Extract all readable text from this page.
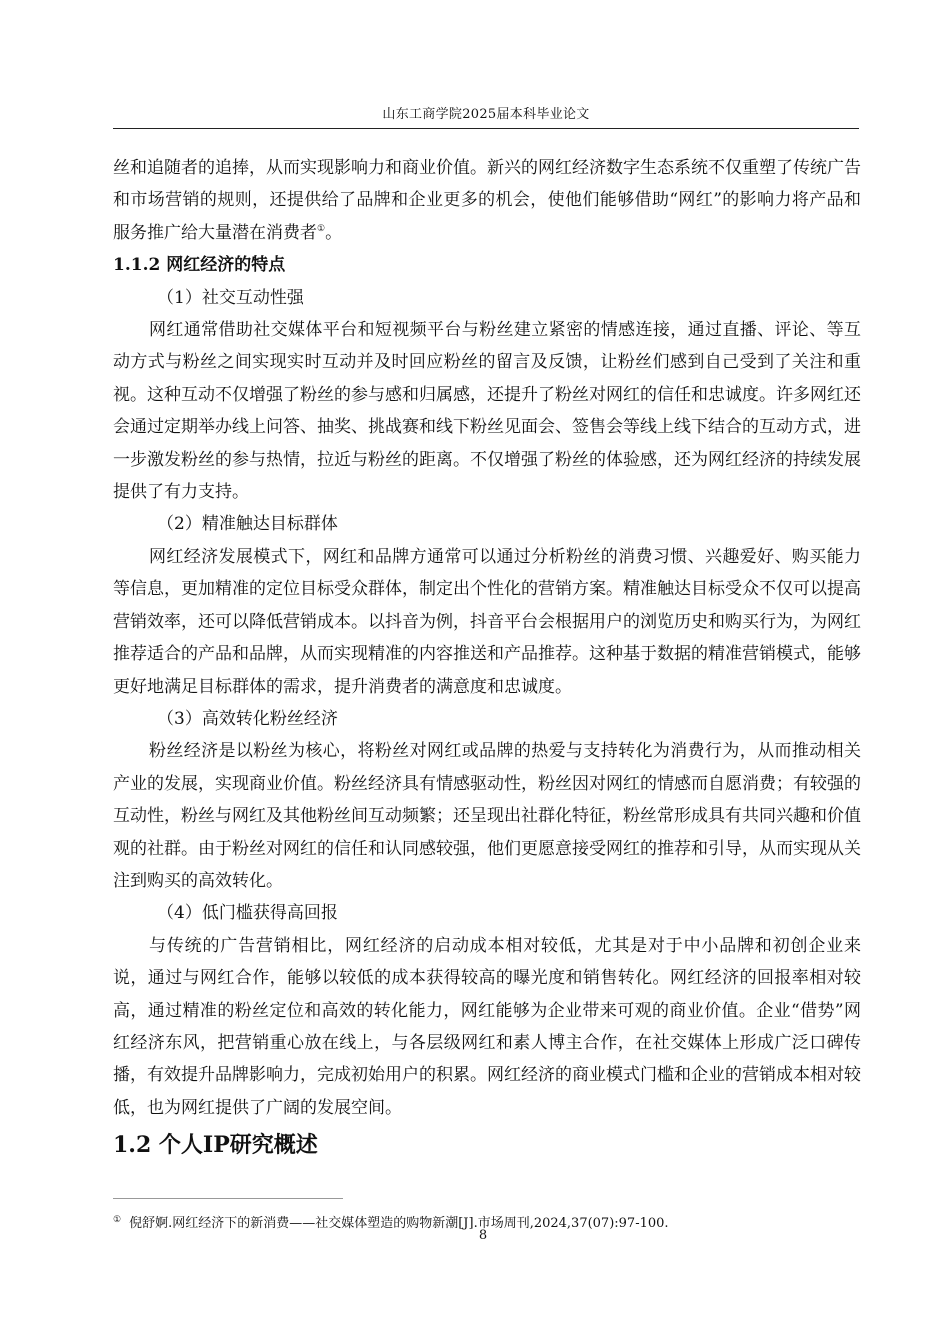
山东工商学院2025届本科毕业论文

丝和追随者的追捧，从而实现影响力和商业价值。新兴的网红经济数字生态系统不仅重塑了传统广告和市场营销的规则，还提供给了品牌和企业更多的机会，使他们能够借助“网红”的影响力将产品和服务推广给大量潜在消费者①。

1.1.2 网红经济的特点

（1）社交互动性强

网红通常借助社交媒体平台和短视频平台与粉丝建立紧密的情感连接，通过直播、评论、等互动方式与粉丝之间实现实时互动并及时回应粉丝的留言及反馈，让粉丝们感到自己受到了关注和重视。这种互动不仅增强了粉丝的参与感和归属感，还提升了粉丝对网红的信任和忠诚度。许多网红还会通过定期举办线上问答、抽奖、挑战赛和线下粉丝见面会、签售会等线上线下结合的互动方式，进一步激发粉丝的参与热情，拉近与粉丝的距离。不仅增强了粉丝的体验感，还为网红经济的持续发展提供了有力支持。

（2）精准触达目标群体

网红经济发展模式下，网红和品牌方通常可以通过分析粉丝的消费习惯、兴趣爱好、购买能力等信息，更加精准的定位目标受众群体，制定出个性化的营销方案。精准触达目标受众不仅可以提高营销效率，还可以降低营销成本。以抖音为例，抖音平台会根据用户的浏览历史和购买行为，为网红推荐适合的产品和品牌，从而实现精准的内容推送和产品推荐。这种基于数据的精准营销模式，能够更好地满足目标群体的需求，提升消费者的满意度和忠诚度。

（3）高效转化粉丝经济

粉丝经济是以粉丝为核心，将粉丝对网红或品牌的热爱与支持转化为消费行为，从而推动相关产业的发展，实现商业价值。粉丝经济具有情感驱动性，粉丝因对网红的情感而自愿消费；有较强的互动性，粉丝与网红及其他粉丝间互动频繁；还呈现出社群化特征，粉丝常形成具有共同兴趣和价值观的社群。由于粉丝对网红的信任和认同感较强，他们更愿意接受网红的推荐和引导，从而实现从关注到购买的高效转化。

（4）低门槛获得高回报

与传统的广告营销相比，网红经济的启动成本相对较低，尤其是对于中小品牌和初创企业来说，通过与网红合作，能够以较低的成本获得较高的曝光度和销售转化。网红经济的回报率相对较高，通过精准的粉丝定位和高效的转化能力，网红能够为企业带来可观的商业价值。企业“借势”网红经济东风，把营销重心放在线上，与各层级网红和素人博主合作，在社交媒体上形成广泛口碑传播，有效提升品牌影响力，完成初始用户的积累。网红经济的商业模式门槛和企业的营销成本相对较低，也为网红提供了广阔的发展空间。

1.2 个人IP研究概述

① 倪舒婀.网红经济下的新消费——社交媒体塑造的购物新潮[J].市场周刊,2024,37(07):97-100.
8
